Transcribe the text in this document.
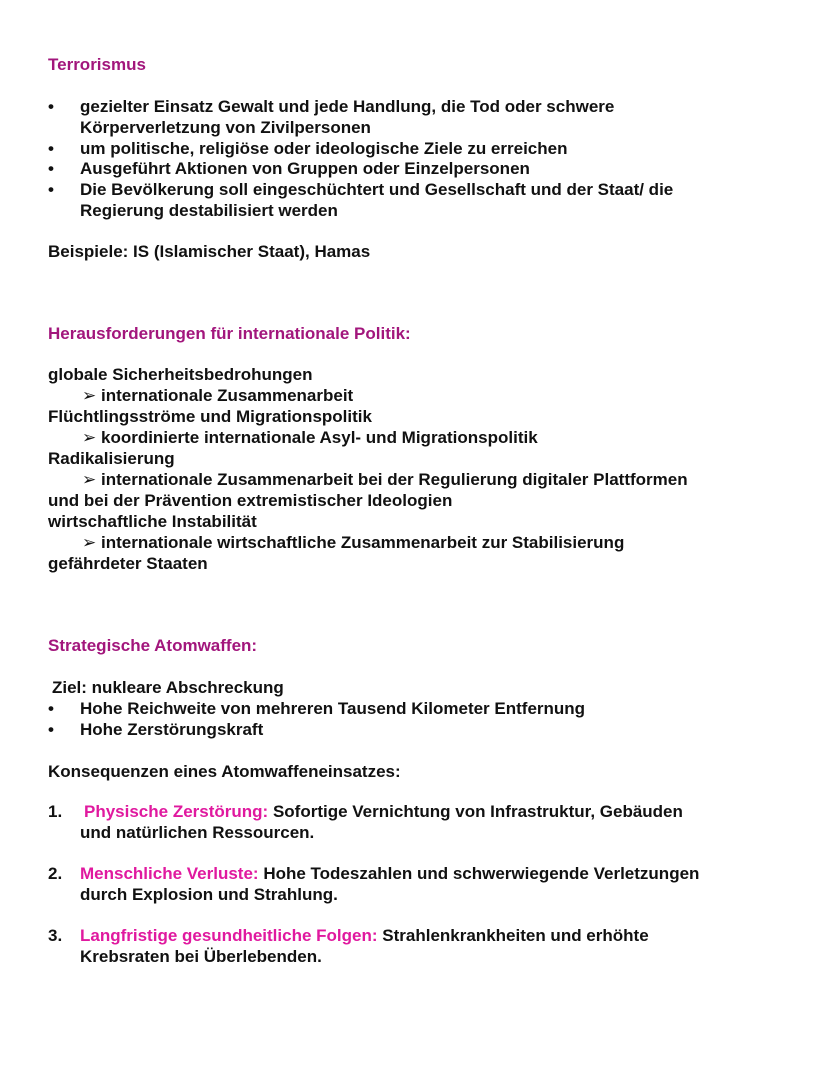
Terrorismus
• gezielter Einsatz Gewalt und jede Handlung, die Tod oder schwere
Körperverletzung von Zivilpersonen
• um politische, religiöse oder ideologische Ziele zu erreichen
• Ausgeführt Aktionen von Gruppen oder Einzelpersonen
• Die Bevölkerung soll eingeschüchtert und Gesellschaft und der Staat/ die
Regierung destabilisiert werden
Beispiele: IS (Islamischer Staat), Hamas
Herausforderungen für internationale Politik:
globale Sicherheitsbedrohungen
➢ internationale Zusammenarbeit
Flüchtlingsströme und Migrationspolitik
➢ koordinierte internationale Asyl- und Migrationspolitik
Radikalisierung
➢ internationale Zusammenarbeit bei der Regulierung digitaler Plattformen
und bei der Prävention extremistischer Ideologien
wirtschaftliche Instabilität
➢ internationale wirtschaftliche Zusammenarbeit zur Stabilisierung
gefährdeter Staaten
Strategische Atomwaffen:
Ziel: nukleare Abschreckung
• Hohe Reichweite von mehreren Tausend Kilometer Entfernung
• Hohe Zerstörungskraft
Konsequenzen eines Atomwaffeneinsatzes:
1. Physische Zerstörung: Sofortige Vernichtung von Infrastruktur, Gebäuden
und natürlichen Ressourcen.
2. Menschliche Verluste: Hohe Todeszahlen und schwerwiegende Verletzungen
durch Explosion und Strahlung.
3. Langfristige gesundheitliche Folgen: Strahlenkrankheiten und erhöhte
Krebsraten bei Überlebenden.
